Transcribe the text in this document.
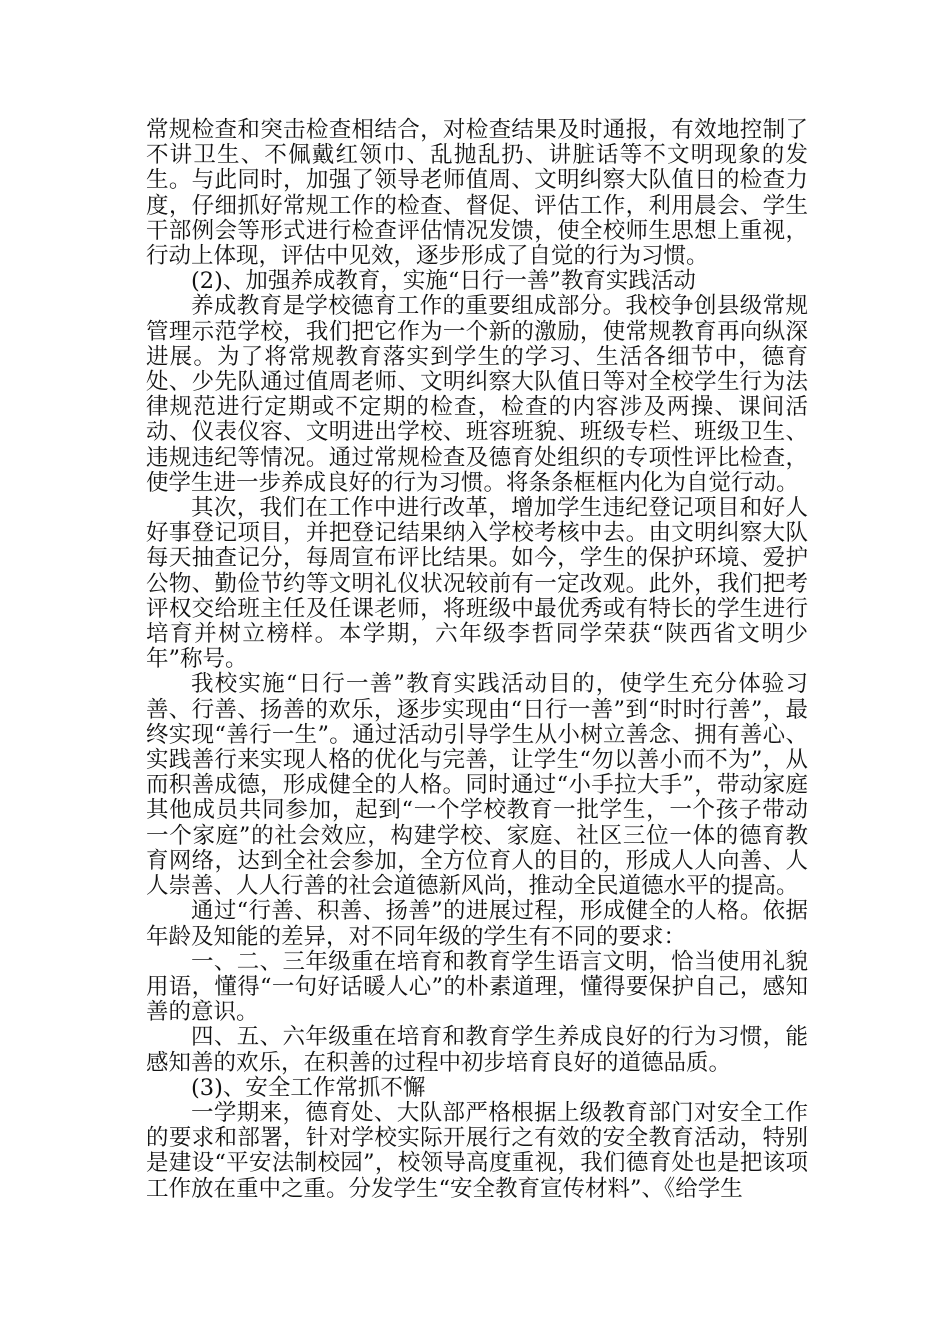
常规检查和突击检查相结合，对检查结果及时通报，有效地控制了不讲卫生、不佩戴红领巾、乱抛乱扔、讲脏话等不文明现象的发生。与此同时，加强了领导老师值周、文明纠察大队值日的检查力度，仔细抓好常规工作的检查、督促、评估工作，利用晨会、学生干部例会等形式进行检查评估情况发馈，使全校师生思想上重视，行动上体现，评估中见效，逐步形成了自觉的行为习惯。

(2)、加强养成教育，实施“日行一善”教育实践活动

养成教育是学校德育工作的重要组成部分。我校争创县级常规管理示范学校，我们把它作为一个新的激励，使常规教育再向纵深进展。为了将常规教育落实到学生的学习、生活各细节中，德育处、少先队通过值周老师、文明纠察大队值日等对全校学生行为法律规范进行定期或不定期的检查，检查的内容涉及两操、课间活动、仪表仪容、文明进出学校、班容班貌、班级专栏、班级卫生、违规违纪等情况。通过常规检查及德育处组织的专项性评比检查，使学生进一步养成良好的行为习惯。将条条框框内化为自觉行动。

其次，我们在工作中进行改革，增加学生违纪登记项目和好人好事登记项目，并把登记结果纳入学校考核中去。由文明纠察大队每天抽查记分，每周宣布评比结果。如今，学生的保护环境、爱护公物、勤俭节约等文明礼仪状况较前有一定改观。此外，我们把考评权交给班主任及任课老师，将班级中最优秀或有特长的学生进行培育并树立榜样。本学期，六年级李哲同学荣获“陕西省文明少年”称号。

我校实施“日行一善”教育实践活动目的，使学生充分体验习善、行善、扬善的欢乐，逐步实现由“日行一善”到“时时行善”，最终实现“善行一生”。通过活动引导学生从小树立善念、拥有善心、实践善行来实现人格的优化与完善，让学生“勿以善小而不为”，从而积善成德，形成健全的人格。同时通过“小手拉大手”，带动家庭其他成员共同参加，起到“一个学校教育一批学生，一个孩子带动一个家庭”的社会效应，构建学校、家庭、社区三位一体的德育教育网络，达到全社会参加，全方位育人的目的，形成人人向善、人人崇善、人人行善的社会道德新风尚，推动全民道德水平的提高。

通过“行善、积善、扬善”的进展过程，形成健全的人格。依据年龄及知能的差异，对不同年级的学生有不同的要求：

一、二、三年级重在培育和教育学生语言文明，恰当使用礼貌用语，懂得“一句好话暖人心”的朴素道理，懂得要保护自己，感知善的意识。

四、五、六年级重在培育和教育学生养成良好的行为习惯，能感知善的欢乐，在积善的过程中初步培育良好的道德品质。

(3)、安全工作常抓不懈

一学期来，德育处、大队部严格根据上级教育部门对安全工作的要求和部署，针对学校实际开展行之有效的安全教育活动，特别是建设“平安法制校园”，校领导高度重视，我们德育处也是把该项工作放在重中之重。分发学生“安全教育宣传材料”、《给学生
